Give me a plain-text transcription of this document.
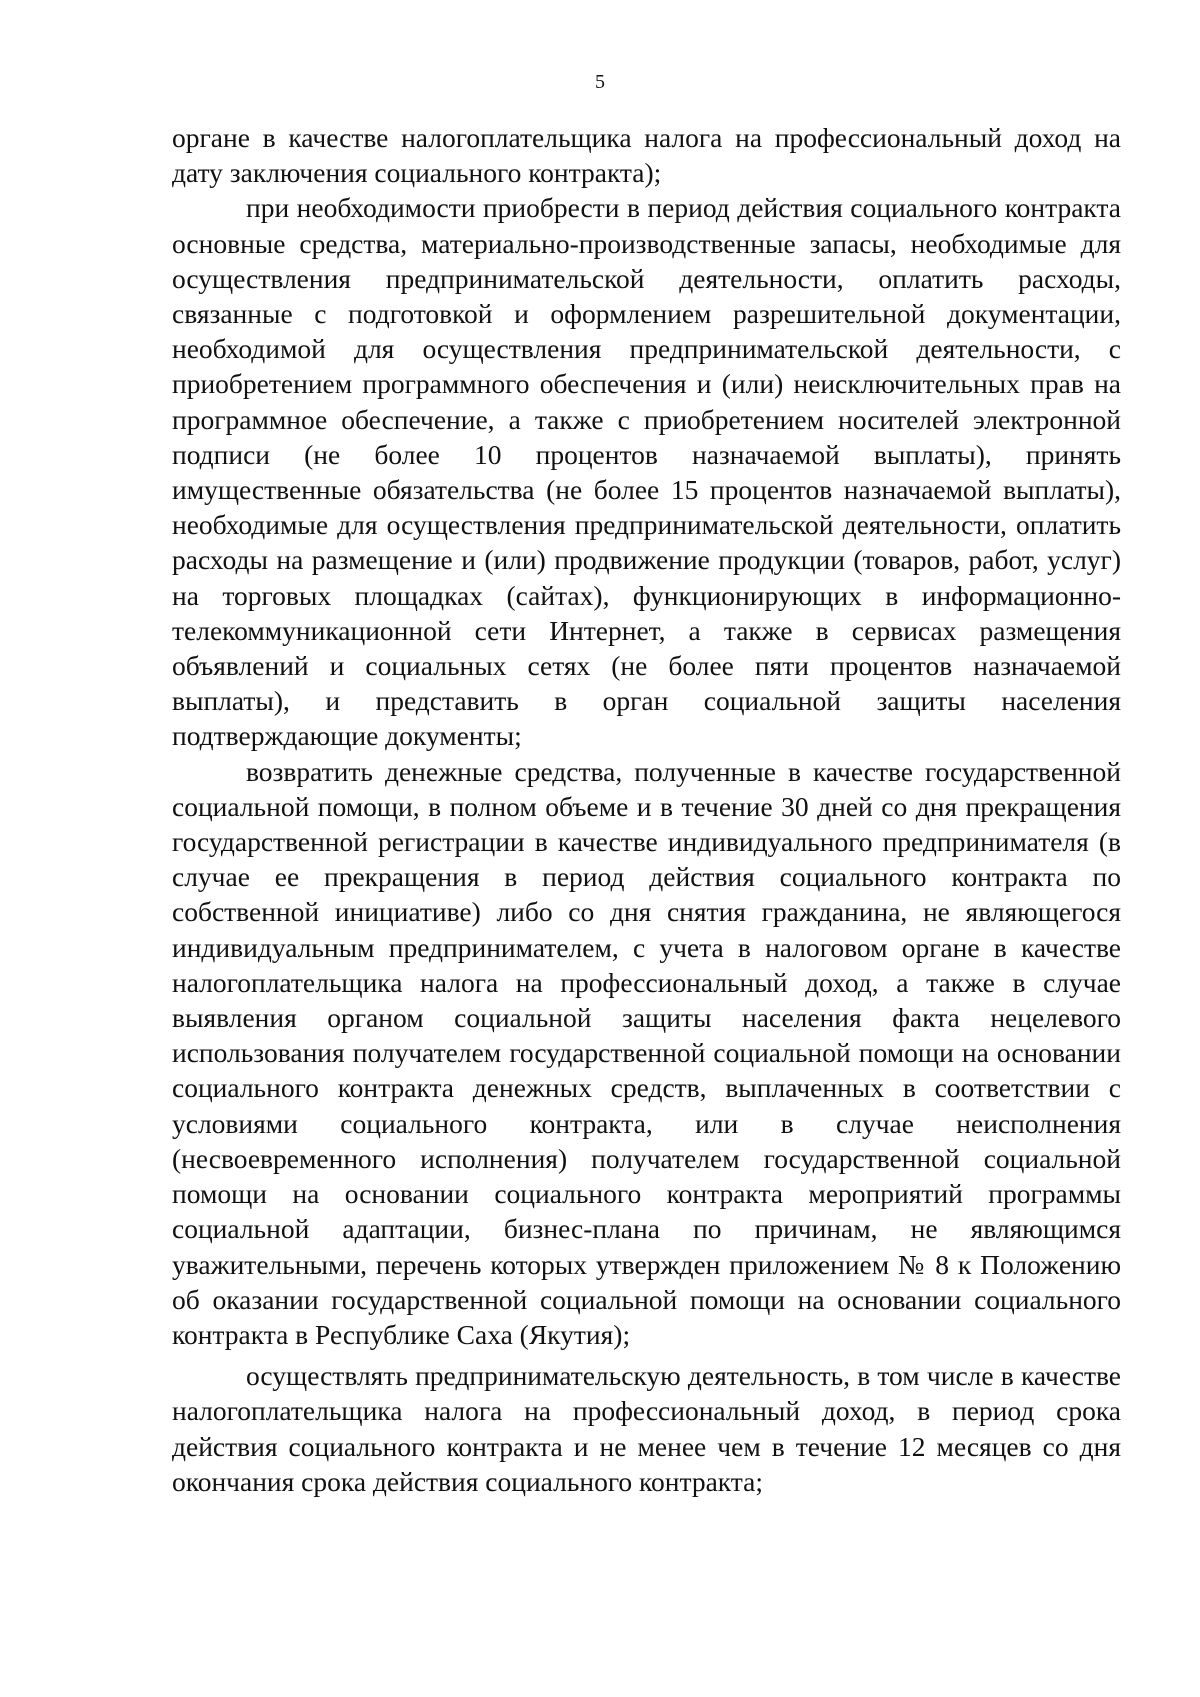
5

органе в качестве налогоплательщика налога на профессиональный доход на дату заключения социального контракта);

при необходимости приобрести в период действия социального контракта основные средства, материально-производственные запасы, необходимые для осуществления предпринимательской деятельности, оплатить расходы, связанные с подготовкой и оформлением разрешительной документации, необходимой для осуществления предпринимательской деятельности, с приобретением программного обеспечения и (или) неисключительных прав на программное обеспечение, а также с приобретением носителей электронной подписи (не более 10 процентов назначаемой выплаты), принять имущественные обязательства (не более 15 процентов назначаемой выплаты), необходимые для осуществления предпринимательской деятельности, оплатить расходы на размещение и (или) продвижение продукции (товаров, работ, услуг) на торговых площадках (сайтах), функционирующих в информационно-телекоммуникационной сети Интернет, а также в сервисах размещения объявлений и социальных сетях (не более пяти процентов назначаемой выплаты), и представить в орган социальной защиты населения подтверждающие документы;

возвратить денежные средства, полученные в качестве государственной социальной помощи, в полном объеме и в течение 30 дней со дня прекращения государственной регистрации в качестве индивидуального предпринимателя (в случае ее прекращения в период действия социального контракта по собственной инициативе) либо со дня снятия гражданина, не являющегося индивидуальным предпринимателем, с учета в налоговом органе в качестве налогоплательщика налога на профессиональный доход, а также в случае выявления органом социальной защиты населения факта нецелевого использования получателем государственной социальной помощи на основании социального контракта денежных средств, выплаченных в соответствии с условиями социального контракта, или в случае неисполнения (несвоевременного исполнения) получателем государственной социальной помощи на основании социального контракта мероприятий программы социальной адаптации, бизнес-плана по причинам, не являющимся уважительными, перечень которых утвержден приложением № 8 к Положению об оказании государственной социальной помощи на основании социального контракта в Республике Саха (Якутия);

осуществлять предпринимательскую деятельность, в том числе в качестве налогоплательщика налога на профессиональный доход, в период срока действия социального контракта и не менее чем в течение 12 месяцев со дня окончания срока действия социального контракта;
